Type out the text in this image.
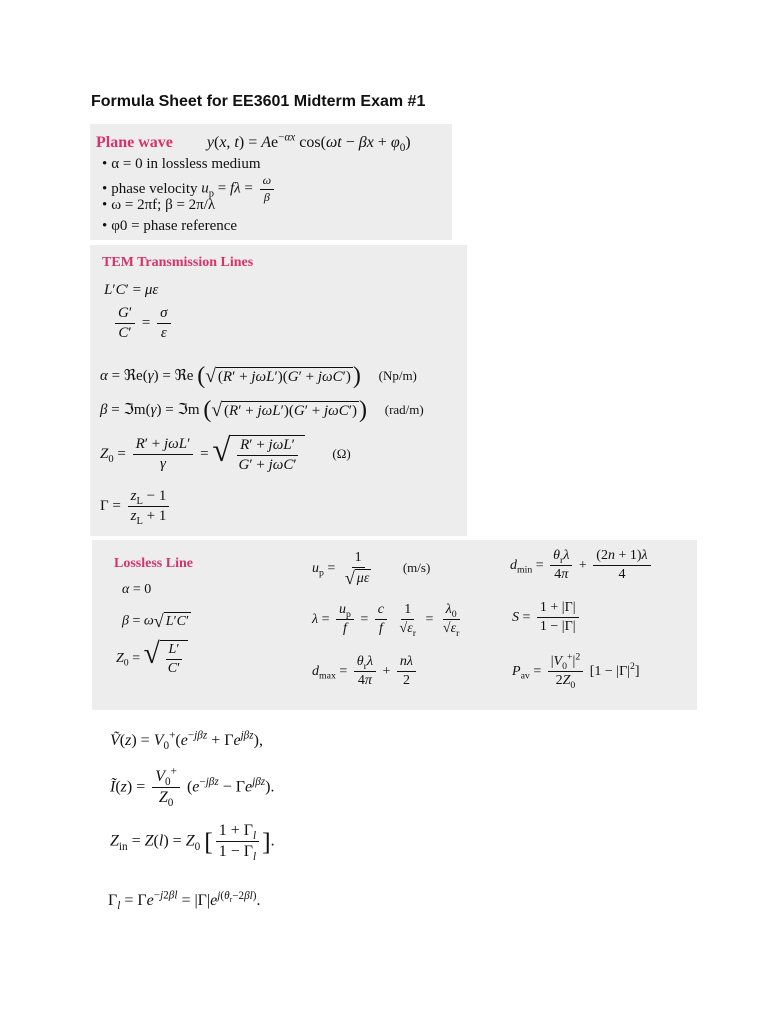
Formula Sheet for EE3601 Midterm Exam #1
Plane wave y(x, $t) = Ae^{-\alpha x}$ $\cos(\omega t - \beta x + \varphi_0)$
• α = 0 in lossless medium
• phase velocity $u_p = f\lambda = \frac{\omega}{\beta}$
• ω = 2πf; β = 2π/λ
• φ0 = phase reference
TEM Transmission Lines
L′C′ = με
$\frac{G'}{C'} = \frac{\sigma}{\varepsilon}$
α = ℜe(γ) = ℜe ( √ (R′ + jωL′)(G′ + jωC′) ) (Np/m)
β = ℑm(γ) = ℑm ( √ (R′ + jωL′)(G′ + jωC′) ) (rad/m)
$Z_0 = \frac{\text{R′ + jωL′}}{\gamma}$ = √ $\frac{\text{R′ + jωL′}}{\text{G′ + jωC′}}$	(Ω)
$\Gamma = \frac{z_L - 1}{z_L + 1}$
Lossless Line
α = 0
β = ω √ L′C′
$Z_0$ = √ $\frac{L'}{C'}$
$u_p = \frac{1}{√ \mu\varepsilon} (m/s)$
$\lambda = \frac{u_p}{f} = \frac{c}{f}$
$\frac{1}{√\varepsilon_r} = \frac{\lambda_0}{√\varepsilon_r}$
$d_{max} = \frac{\theta_r\lambda}{4\pi} + \frac{n\lambda}{2}$
$d_{min} = \frac{\theta_r\lambda}{4\pi} + \frac{(2n + 1)\lambda}{4}$
$S = \frac{1 + |\Gamma|}{1 - |\Gamma|}$
$P_{av} = \frac{|V_0^+|^2}{2Z_0} [1 - |\Gamma|^2]$
Ṽ(z) = $V_0^+(e^{-j\beta z} + \Gamma e^{j\beta z})$,
Ĩ(z) = $\frac{V_0^+}{Z_0} (e^{-j\beta z} - \Gamma e^{j\beta z})$.
$Z_{in} = Z(l) = Z_0$ [ $\frac{1 + \Gamma_l}{1 - \Gamma_l}$ ].
$\Gamma_l = \Gamma e^{-j2\beta l} = |\Gamma|e^{j(\theta_r-2\beta l)}$.
